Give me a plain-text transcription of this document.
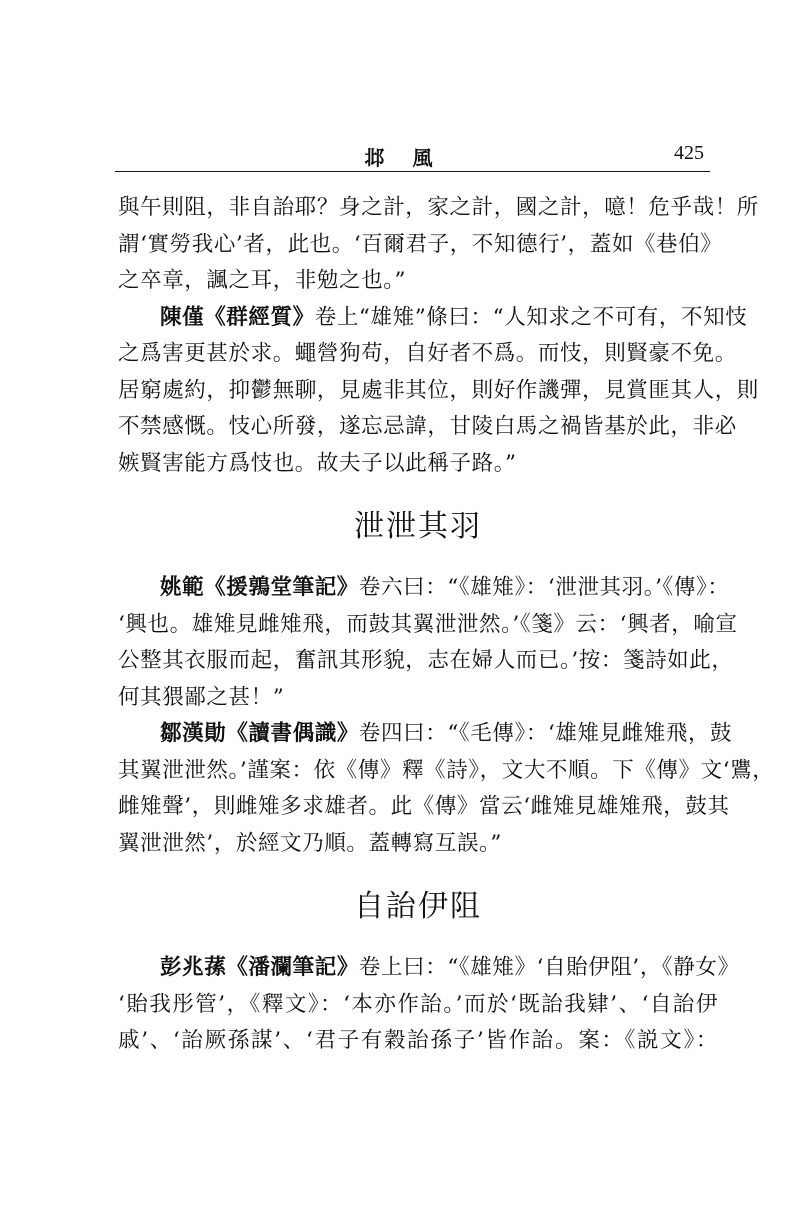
邶風	425
與午則阻，非自詒耶？身之計，家之計，國之計，噫！危乎哉！所
謂‘實勞我心’者，此也。‘百爾君子，不知德行’，蓋如《巷伯》
之卒章，諷之耳，非勉之也。”
陳僅《群經質》卷上“雄雉”條曰：“人知求之不可有，不知忮
之爲害更甚於求。蠅營狗苟，自好者不爲。而忮，則賢豪不免。
居窮處約，抑鬱無聊，見處非其位，則好作譏彈，見賞匪其人，則
不禁感慨。忮心所發，遂忘忌諱，甘陵白馬之禍皆基於此，非必
嫉賢害能方爲忮也。故夫子以此稱子路。”
泄泄其羽
姚範《援鶉堂筆記》卷六曰：“《雄雉》：‘泄泄其羽。’《傳》：
‘興也。雄雉見雌雉飛，而鼓其翼泄泄然。’《箋》云：‘興者，喻宣
公整其衣服而起，奮訊其形貌，志在婦人而已。’按：箋詩如此，
何其猥鄙之甚！”
鄒漢勛《讀書偶識》卷四曰：“《毛傳》：‘雄雉見雌雉飛，鼓
其翼泄泄然。’謹案：依《傳》釋《詩》，文大不順。下《傳》文‘鷕，
雌雉聲’，則雌雉多求雄者。此《傳》當云‘雌雉見雄雉飛，鼓其
翼泄泄然’，於經文乃順。蓋轉寫互誤。”
自詒伊阻
彭兆蓀《潘瀾筆記》卷上曰：“《雄雉》‘自貽伊阻’，《静女》
‘貽我彤管’，《釋文》：‘本亦作詒。’而於‘既詒我肄’、‘自詒伊
戚’、‘詒厥孫謀’、‘君子有穀詒孫子’皆作詒。案：《説文》：
